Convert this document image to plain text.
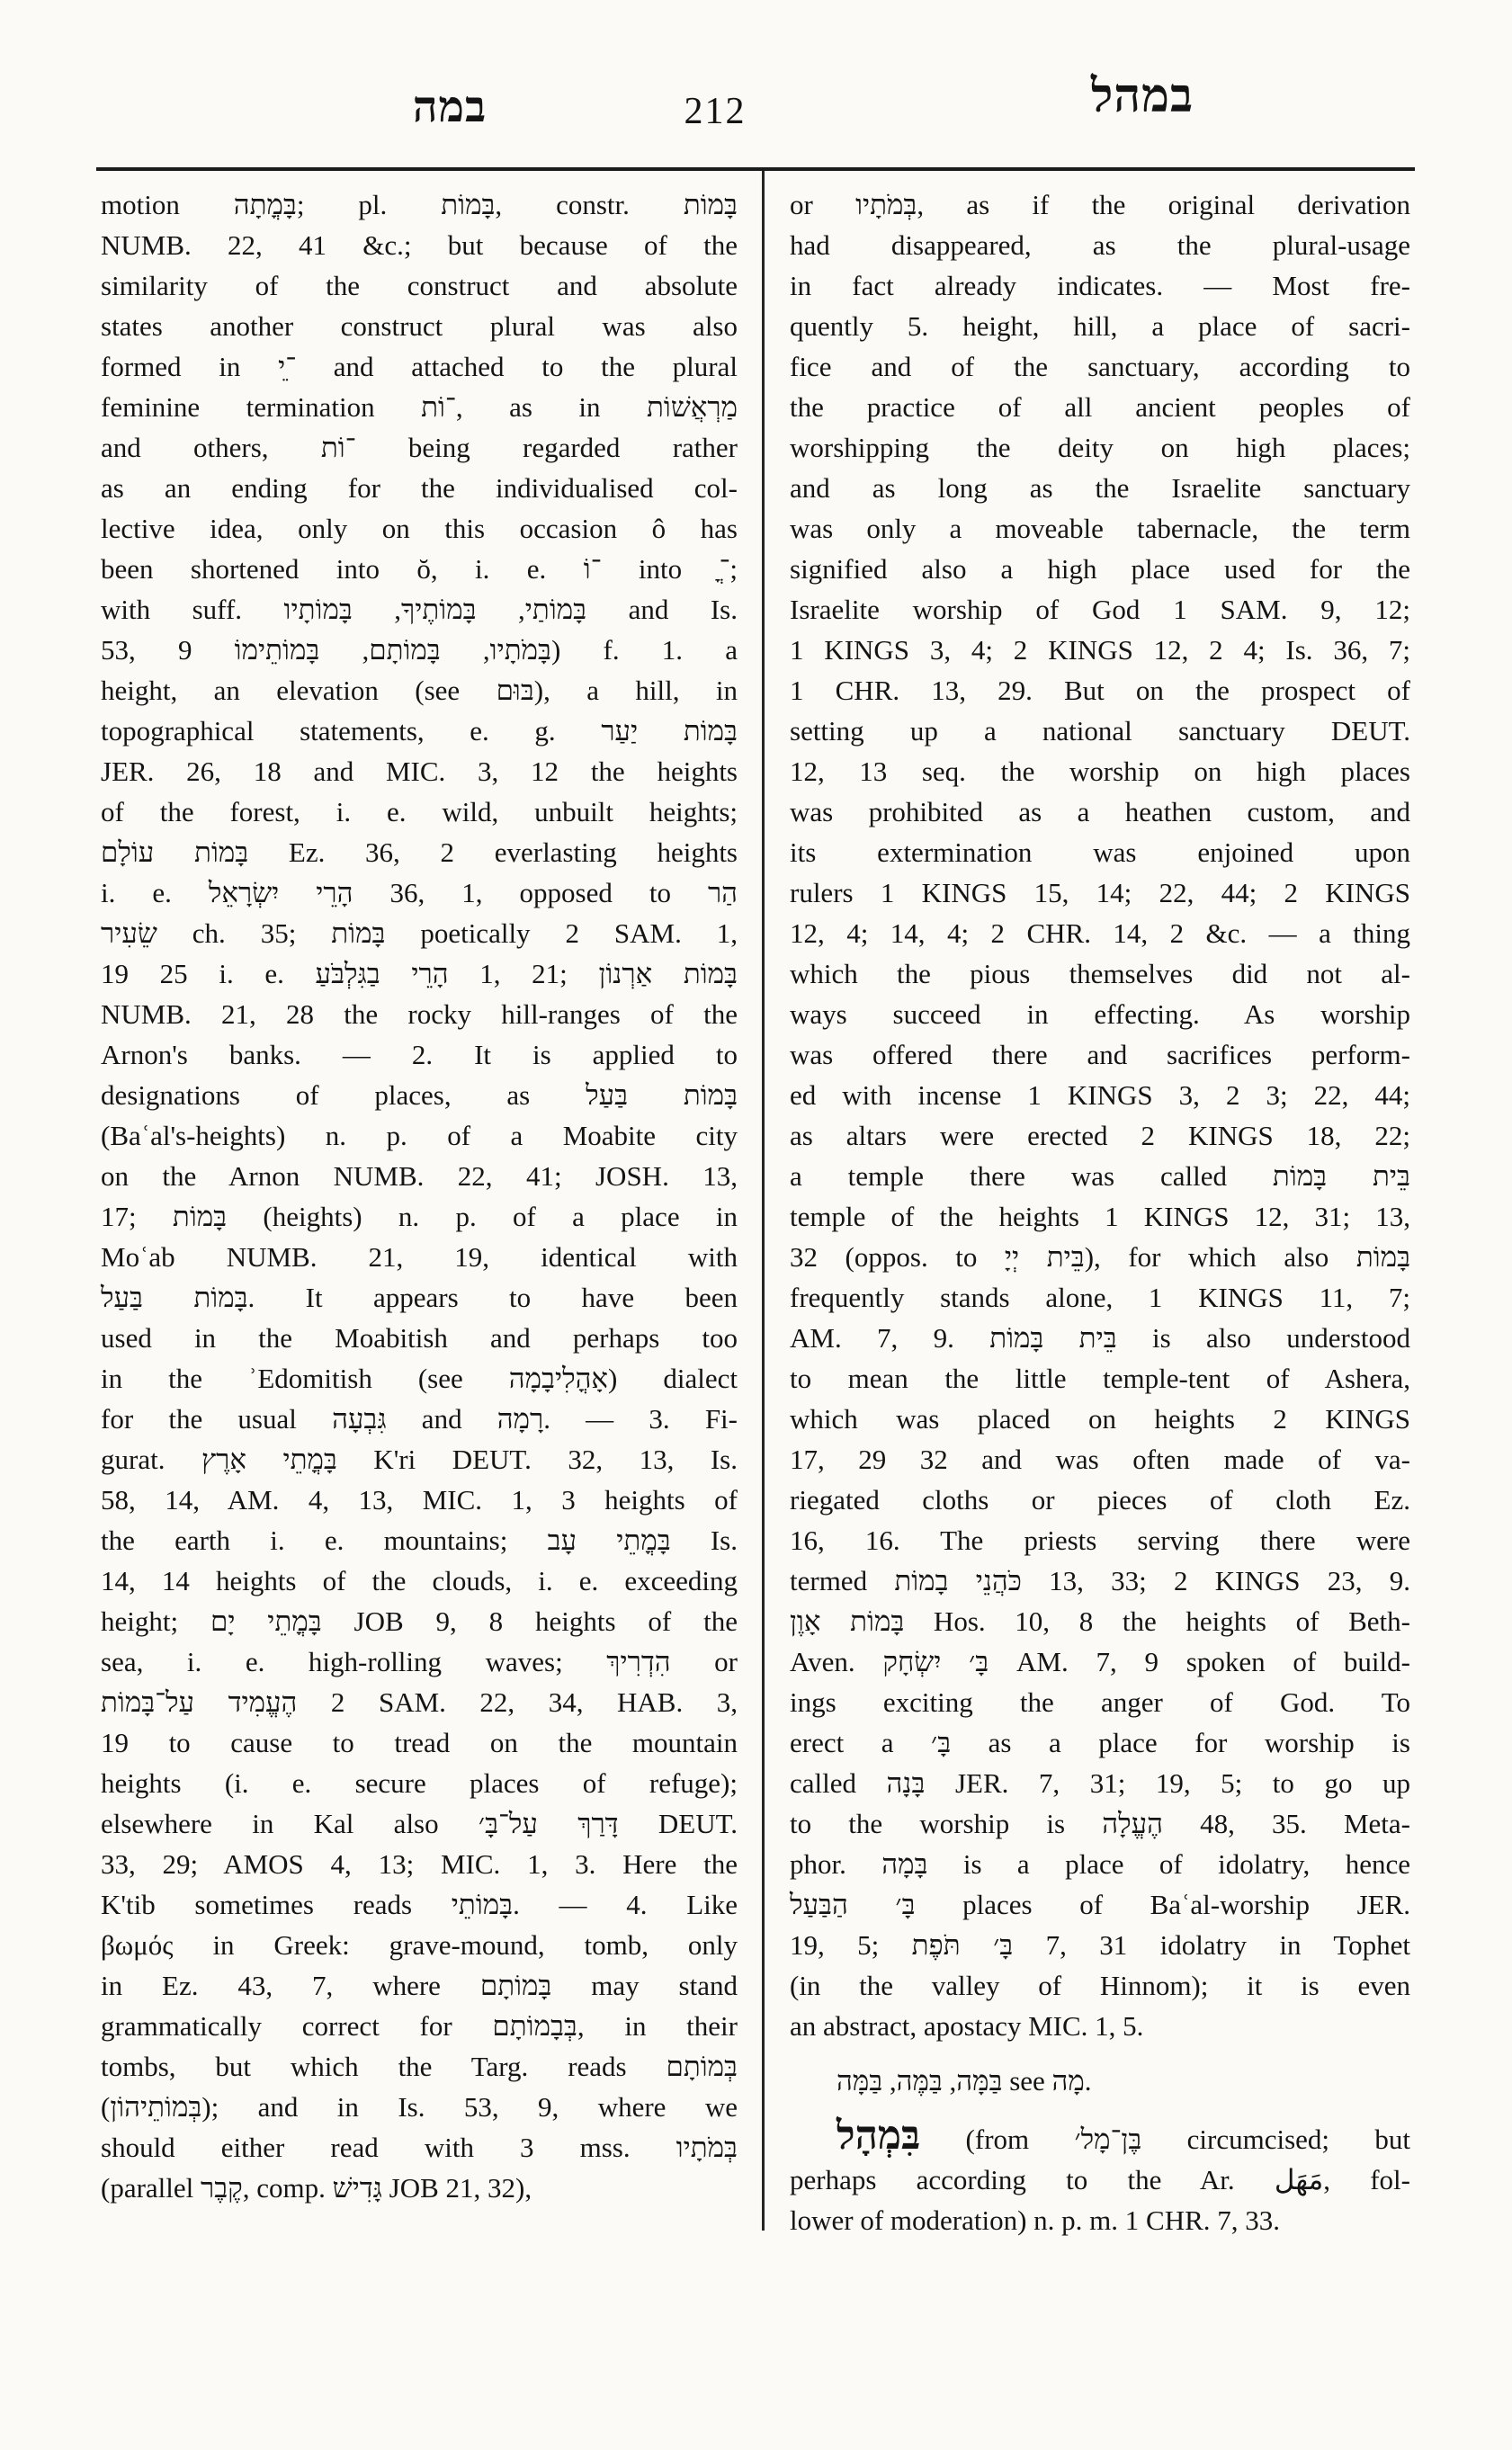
במה	212	במהל
motion בָּמֳתָה; pl. בָּמוֹת, constr. בָּמוֹת
NUMB. 22, 41 &c.; but because of the
similarity of the construct and absolute
states another construct plural was also
formed in ־ֵי and attached to the plural
feminine termination ־וֹת, as in מַרְאֲשׁוֹת
and others, ־וֹת being regarded rather
as an ending for the individualised col-
lective idea, only on this occasion ô has
been shortened into ŏ, i. e. ־וֹ into ־ֳ;
with suff. בָּמוֹתַי, בָּמוֹתֶיךָ, בָּמוֹתָיו‎ and Is.
53, 9 בָּמֹתָיו, בָּמוֹתָם, בָּמוֹתֵימוֹ‎) f. 1. a
height, an elevation (see בּוּם‎), a hill, in
topographical statements, e. g. בָּמוֹת יַעַר
JER. 26, 18 and MIC. 3, 12 the heights
of the forest, i. e. wild, unbuilt heights;
בָּמוֹת עוֹלָם‎ Ez. 36, 2 everlasting heights
i. e. הָרֵי יִשְׂרָאֵל‎ 36, 1, opposed to הַר
שֵׂעִיר‎ ch. 35; בָּמוֹת‎ poetically 2 SAM. 1,
19 25 i. e. הָרֵי בַגִּלְבֹּעַ‎ 1, 21; בָּמוֹת אַרְנוֹן
NUMB. 21, 28 the rocky hill-ranges of the
Arnon's banks. — 2. It is applied to
designations of places, as בָּמוֹת בַּעַל
(Baʿal's-heights) n. p. of a Moabite city
on the Arnon NUMB. 22, 41; JOSH. 13,
17; בָּמוֹת‎ (heights) n. p. of a place in
Moʿab NUMB. 21, 19, identical with
בָּמוֹת בַּעַל‎. It appears to have been
used in the Moabitish and perhaps too
in the ʾEdomitish (see אָהֳלִיבָמָה‎) dialect
for the usual גִּבְעָה‎ and רָמָה‎. — 3. Fi-
gurat. בָּמֳתֵי אָרֶץ‎ K'ri DEUT. 32, 13, Is.
58, 14, AM. 4, 13, MIC. 1, 3 heights of
the earth i. e. mountains; בָּמֳתֵי עָב‎ Is.
14, 14 heights of the clouds, i. e. exceeding
height; בָּמֳתֵי יָם‎ JOB 9, 8 heights of the
sea, i. e. high-rolling waves; הִדְרִיךְ‎ or
הֶעֱמִיד עַל־בָּמוֹת‎ 2 SAM. 22, 34, HAB. 3,
19 to cause to tread on the mountain
heights (i. e. secure places of refuge);
elsewhere in Kal also דָּרַךְ עַל־בָּ׳‎ DEUT.
33, 29; AMOS 4, 13; MIC. 1, 3. Here the
K'tib sometimes reads בָּמוֹתֵי‎. — 4. Like
βωμός in Greek: grave-mound, tomb, only
in Ez. 43, 7, where בָּמוֹתָם‎ may stand
grammatically correct for בְּבָמוֹתָם‎, in their
tombs, but which the Targ. reads בְּמוֹתָם
(בְּמוֹתֵיהוֹן‎); and in Is. 53, 9, where we
should either read with 3 mss. בְּמֹתָיו
(parallel קֶבֶר‎, comp. גָּדִישׁ‎ JOB 21, 32),
or בְּמֹתָיו‎, as if the original derivation
had disappeared, as the plural-usage
in fact already indicates. — Most fre-
quently 5. height, hill, a place of sacri-
fice and of the sanctuary, according to
the practice of all ancient peoples of
worshipping the deity on high places;
and as long as the Israelite sanctuary
was only a moveable tabernacle, the term
signified also a high place used for the
Israelite worship of God 1 SAM. 9, 12;
1 KINGS 3, 4; 2 KINGS 12, 2 4; Is. 36, 7;
1 CHR. 13, 29. But on the prospect of
setting up a national sanctuary DEUT.
12, 13 seq. the worship on high places
was prohibited as a heathen custom, and
its extermination was enjoined upon
rulers 1 KINGS 15, 14; 22, 44; 2 KINGS
12, 4; 14, 4; 2 CHR. 14, 2 &c. — a thing
which the pious themselves did not al-
ways succeed in effecting. As worship
was offered there and sacrifices perform-
ed with incense 1 KINGS 3, 2 3; 22, 44;
as altars were erected 2 KINGS 18, 22;
a temple there was called בֵּית בָּמוֹת
temple of the heights 1 KINGS 12, 31; 13,
32 (oppos. to בֵּית יְיָ‎), for which also בָּמוֹת
frequently stands alone, 1 KINGS 11, 7;
AM. 7, 9. בֵּית בָּמוֹת‎ is also understood
to mean the little temple-tent of Ashera,
which was placed on heights 2 KINGS
17, 29 32 and was often made of va-
riegated cloths or pieces of cloth Ez.
16, 16. The priests serving there were
termed כֹּהֲנֵי בָמוֹת‎ 13, 33; 2 KINGS 23, 9.
בָּמוֹת אָוֶן‎ Hos. 10, 8 the heights of Beth-
Aven. בָּ׳ יִשְׂחָק‎ AM. 7, 9 spoken of build-
ings exciting the anger of God. To
erect a בָּ׳‎ as a place for worship is
called בָּנָה‎ JER. 7, 31; 19, 5; to go up
to the worship is הֶעֱלָה‎ 48, 35. Meta-
phor. בָּמָה‎ is a place of idolatry, hence
בָּ׳ הַבַּעַל‎ places of Baʿal-worship JER.
19, 5; בָּ׳ תֹּפֶת‎ 7, 31 idolatry in Tophet
(in the valley of Hinnom); it is even
an abstract, apostacy MIC. 1, 5.
בַּמָּה, בַּמֶּה, בַּמָּה see מָה.
בִּמְהָל (from בֶּן־מָל׳‎ circumcised; but
perhaps according to the Ar. مَهَل‎, fol-
lower of moderation) n. p. m. 1 CHR. 7, 33.
